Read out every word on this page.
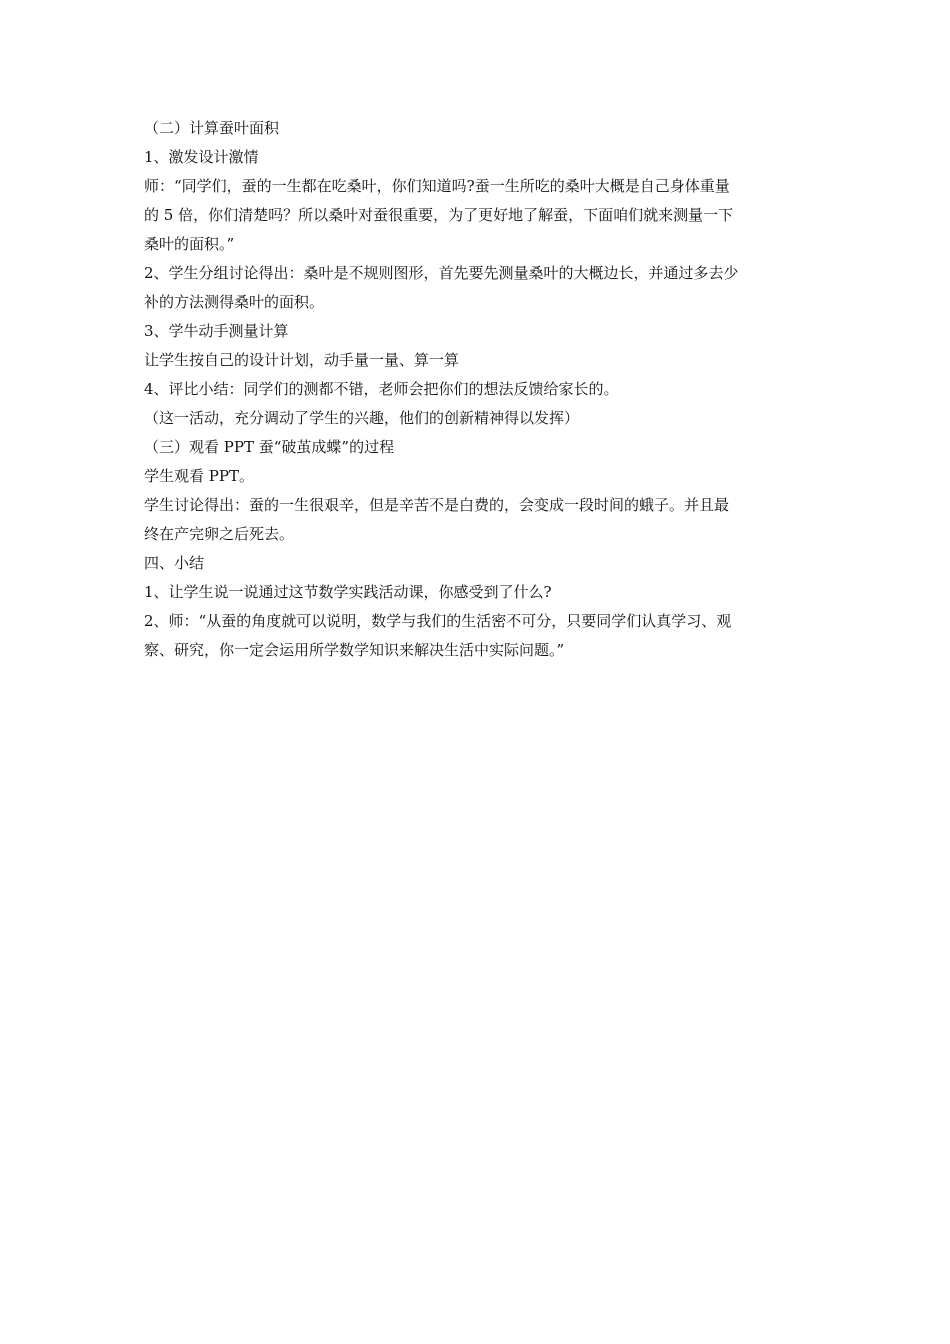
（二）计算蚕叶面积

1、激发设计激情

师：“同学们，蚕的一生都在吃桑叶，你们知道吗?蚕一生所吃的桑叶大概是自己身体重量

的 5 倍，你们清楚吗？所以桑叶对蚕很重要，为了更好地了解蚕，下面咱们就来测量一下

桑叶的面积。”

2、学生分组讨论得出：桑叶是不规则图形，首先要先测量桑叶的大概边长，并通过多去少

补的方法测得桑叶的面积。

3、学牛动手测量计算

让学生按自己的设计计划，动手量一量、算一算

4、评比小结：同学们的测都不错，老师会把你们的想法反馈给家长的。

（这一活动，充分调动了学生的兴趣，他们的创新精神得以发挥）

（三）观看 PPT 蚕“破茧成蝶”的过程

学生观看 PPT。

学生讨论得出：蚕的一生很艰辛，但是辛苦不是白费的，会变成一段时间的蛾子。并且最

终在产完卵之后死去。

四、小结

1、让学生说一说通过这节数学实践活动课，你感受到了什么?

2、师：“从蚕的角度就可以说明，数学与我们的生活密不可分，只要同学们认真学习、观

察、研究，你一定会运用所学数学知识来解决生活中实际问题。”
